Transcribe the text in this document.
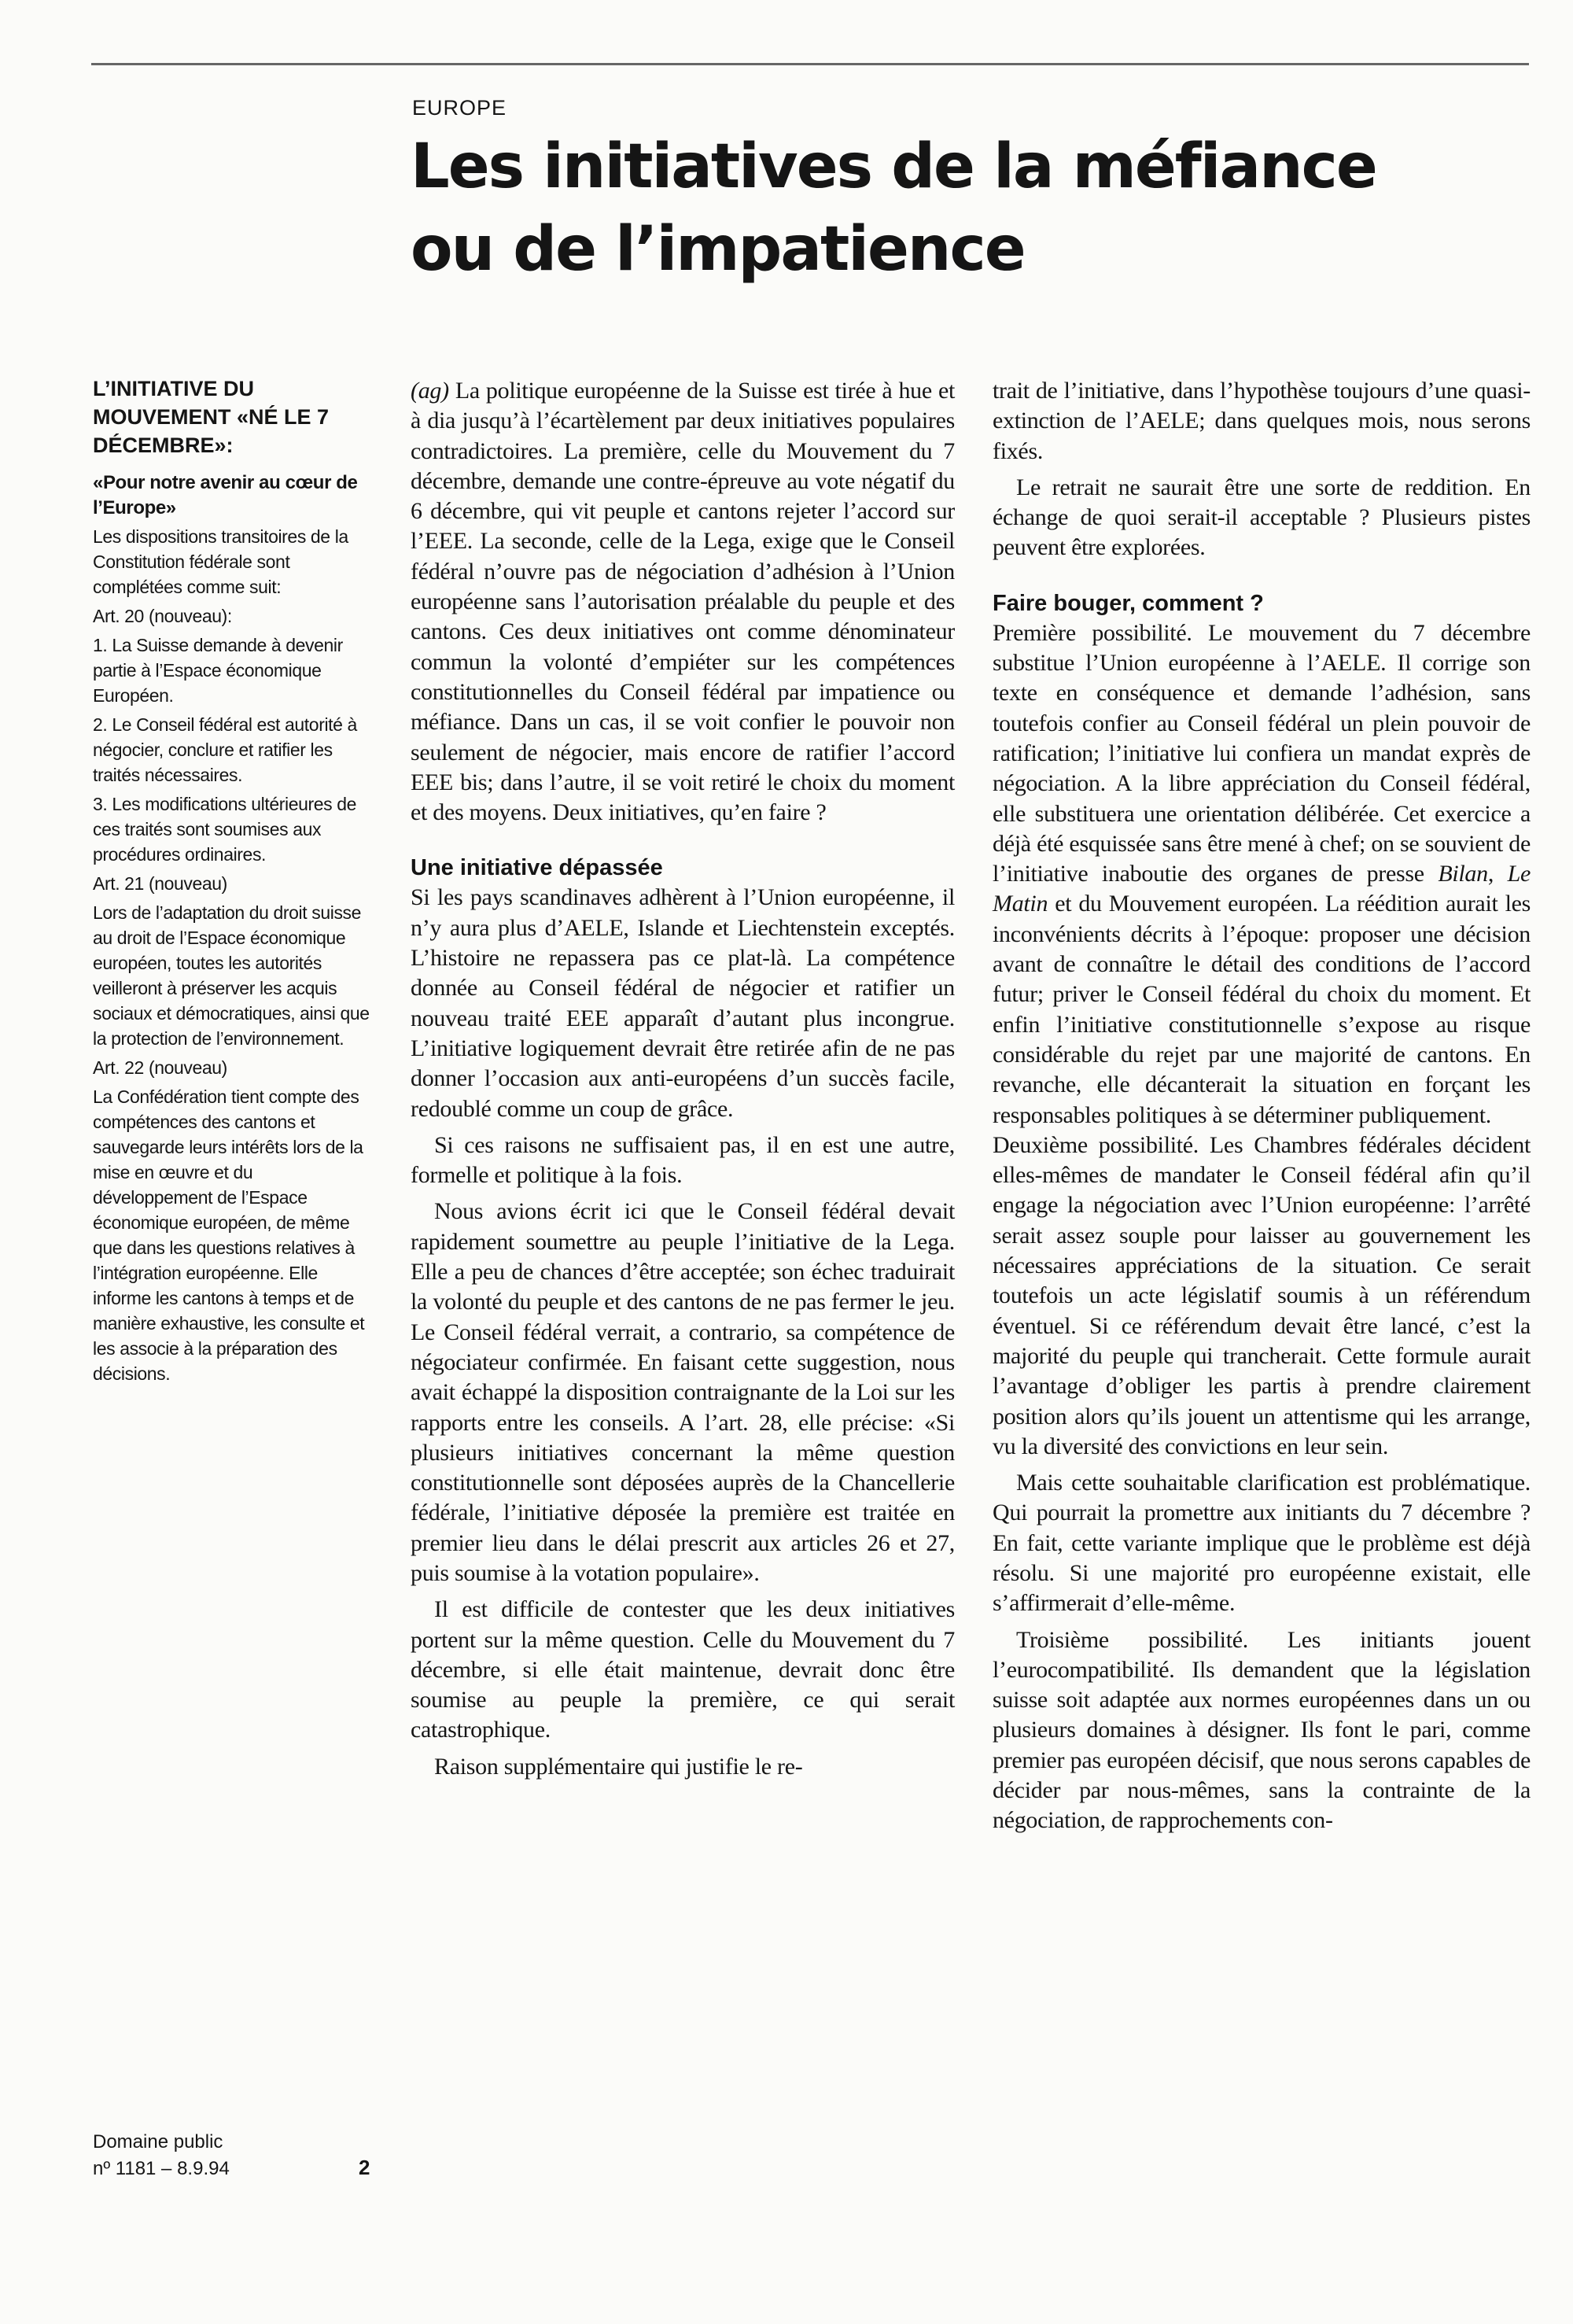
EUROPE
Les initiatives de la méfiance
ou de l’impatience
L’INITIATIVE DU MOUVEMENT «NÉ LE 7 DÉCEMBRE»:
«Pour notre avenir au cœur de l’Europe»

Les dispositions transitoires de la Constitution fédérale sont complétées comme suit:

Art. 20 (nouveau):

1. La Suisse demande à devenir partie à l’Espace économique Européen.

2. Le Conseil fédéral est autorité à négocier, conclure et ratifier les traités nécessaires.

3. Les modifications ultérieures de ces traités sont soumises aux procédures ordinaires.

Art. 21 (nouveau)

Lors de l’adaptation du droit suisse au droit de l’Espace économique européen, toutes les autorités veilleront à préserver les acquis sociaux et démocratiques, ainsi que la protection de l’environnement.

Art. 22 (nouveau)

La Confédération tient compte des compétences des cantons et sauvegarde leurs intérêts lors de la mise en œuvre et du développement de l’Espace économique européen, de même que dans les questions relatives à l’intégration européenne. Elle informe les cantons à temps et de manière exhaustive, les consulte et les associe à la préparation des décisions.

Domaine public
nº 1181 – 8.9.94	2

(ag) La politique européenne de la Suisse est tirée à hue et à dia jusqu’à l’écartèlement par deux initiatives populaires contradictoires. La première, celle du Mouvement du 7 décembre, demande une contre-épreuve au vote négatif du 6 décembre, qui vit peuple et cantons rejeter l’accord sur l’EEE. La seconde, celle de la Lega, exige que le Conseil fédéral n’ouvre pas de négociation d’adhésion à l’Union européenne sans l’autorisation préalable du peuple et des cantons. Ces deux initiatives ont comme dénominateur commun la volonté d’empiéter sur les compétences constitutionnelles du Conseil fédéral par impatience ou méfiance. Dans un cas, il se voit confier le pouvoir non seulement de négocier, mais encore de ratifier l’accord EEE bis; dans l’autre, il se voit retiré le choix du moment et des moyens. Deux initiatives, qu’en faire ?

Une initiative dépassée

Si les pays scandinaves adhèrent à l’Union européenne, il n’y aura plus d’AELE, Islande et Liechtenstein exceptés. L’histoire ne repassera pas ce plat-là. La compétence donnée au Conseil fédéral de négocier et ratifier un nouveau traité EEE apparaît d’autant plus incongrue. L’initiative logiquement devrait être retirée afin de ne pas donner l’occasion aux anti-européens d’un succès facile, redoublé comme un coup de grâce.

Si ces raisons ne suffisaient pas, il en est une autre, formelle et politique à la fois.

Nous avions écrit ici que le Conseil fédéral devait rapidement soumettre au peuple l’initiative de la Lega. Elle a peu de chances d’être acceptée; son échec traduirait la volonté du peuple et des cantons de ne pas fermer le jeu. Le Conseil fédéral verrait, a contrario, sa compétence de négociateur confirmée. En faisant cette suggestion, nous avait échappé la disposition contraignante de la Loi sur les rapports entre les conseils. A l’art. 28, elle précise: «Si plusieurs initiatives concernant la même question constitutionnelle sont déposées auprès de la Chancellerie fédérale, l’initiative déposée la première est traitée en premier lieu dans le délai prescrit aux articles 26 et 27, puis soumise à la votation populaire».

Il est difficile de contester que les deux initiatives portent sur la même question. Celle du Mouvement du 7 décembre, si elle était maintenue, devrait donc être soumise au peuple la première, ce qui serait catastrophique.

Raison supplémentaire qui justifie le re-

trait de l’initiative, dans l’hypothèse toujours d’une quasi-extinction de l’AELE; dans quelques mois, nous serons fixés.

Le retrait ne saurait être une sorte de reddition. En échange de quoi serait-il acceptable ? Plusieurs pistes peuvent être explorées.

Faire bouger, comment ?

Première possibilité. Le mouvement du 7 décembre substitue l’Union européenne à l’AELE. Il corrige son texte en conséquence et demande l’adhésion, sans toutefois confier au Conseil fédéral un plein pouvoir de ratification; l’initiative lui confiera un mandat exprès de négociation. A la libre appréciation du Conseil fédéral, elle substituera une orientation délibérée. Cet exercice a déjà été esquissée sans être mené à chef; on se souvient de l’initiative inaboutie des organes de presse Bilan, Le Matin et du Mouvement européen. La réédition aurait les inconvénients décrits à l’époque: proposer une décision avant de connaître le détail des conditions de l’accord futur; priver le Conseil fédéral du choix du moment. Et enfin l’initiative constitutionnelle s’expose au risque considérable du rejet par une majorité de cantons. En revanche, elle décanterait la situation en forçant les responsables politiques à se déterminer publiquement.

Deuxième possibilité. Les Chambres fédérales décident elles-mêmes de mandater le Conseil fédéral afin qu’il engage la négociation avec l’Union européenne: l’arrêté serait assez souple pour laisser au gouvernement les nécessaires appréciations de la situation. Ce serait toutefois un acte législatif soumis à un référendum éventuel. Si ce référendum devait être lancé, c’est la majorité du peuple qui trancherait. Cette formule aurait l’avantage d’obliger les partis à prendre clairement position alors qu’ils jouent un attentisme qui les arrange, vu la diversité des convictions en leur sein.

Mais cette souhaitable clarification est problématique. Qui pourrait la promettre aux initiants du 7 décembre ? En fait, cette variante implique que le problème est déjà résolu. Si une majorité pro européenne existait, elle s’affirmerait d’elle-même.

Troisième possibilité. Les initiants jouent l’eurocompatibilité. Ils demandent que la législation suisse soit adaptée aux normes européennes dans un ou plusieurs domaines à désigner. Ils font le pari, comme premier pas européen décisif, que nous serons capables de décider par nous-mêmes, sans la contrainte de la négociation, de rapprochements con-
